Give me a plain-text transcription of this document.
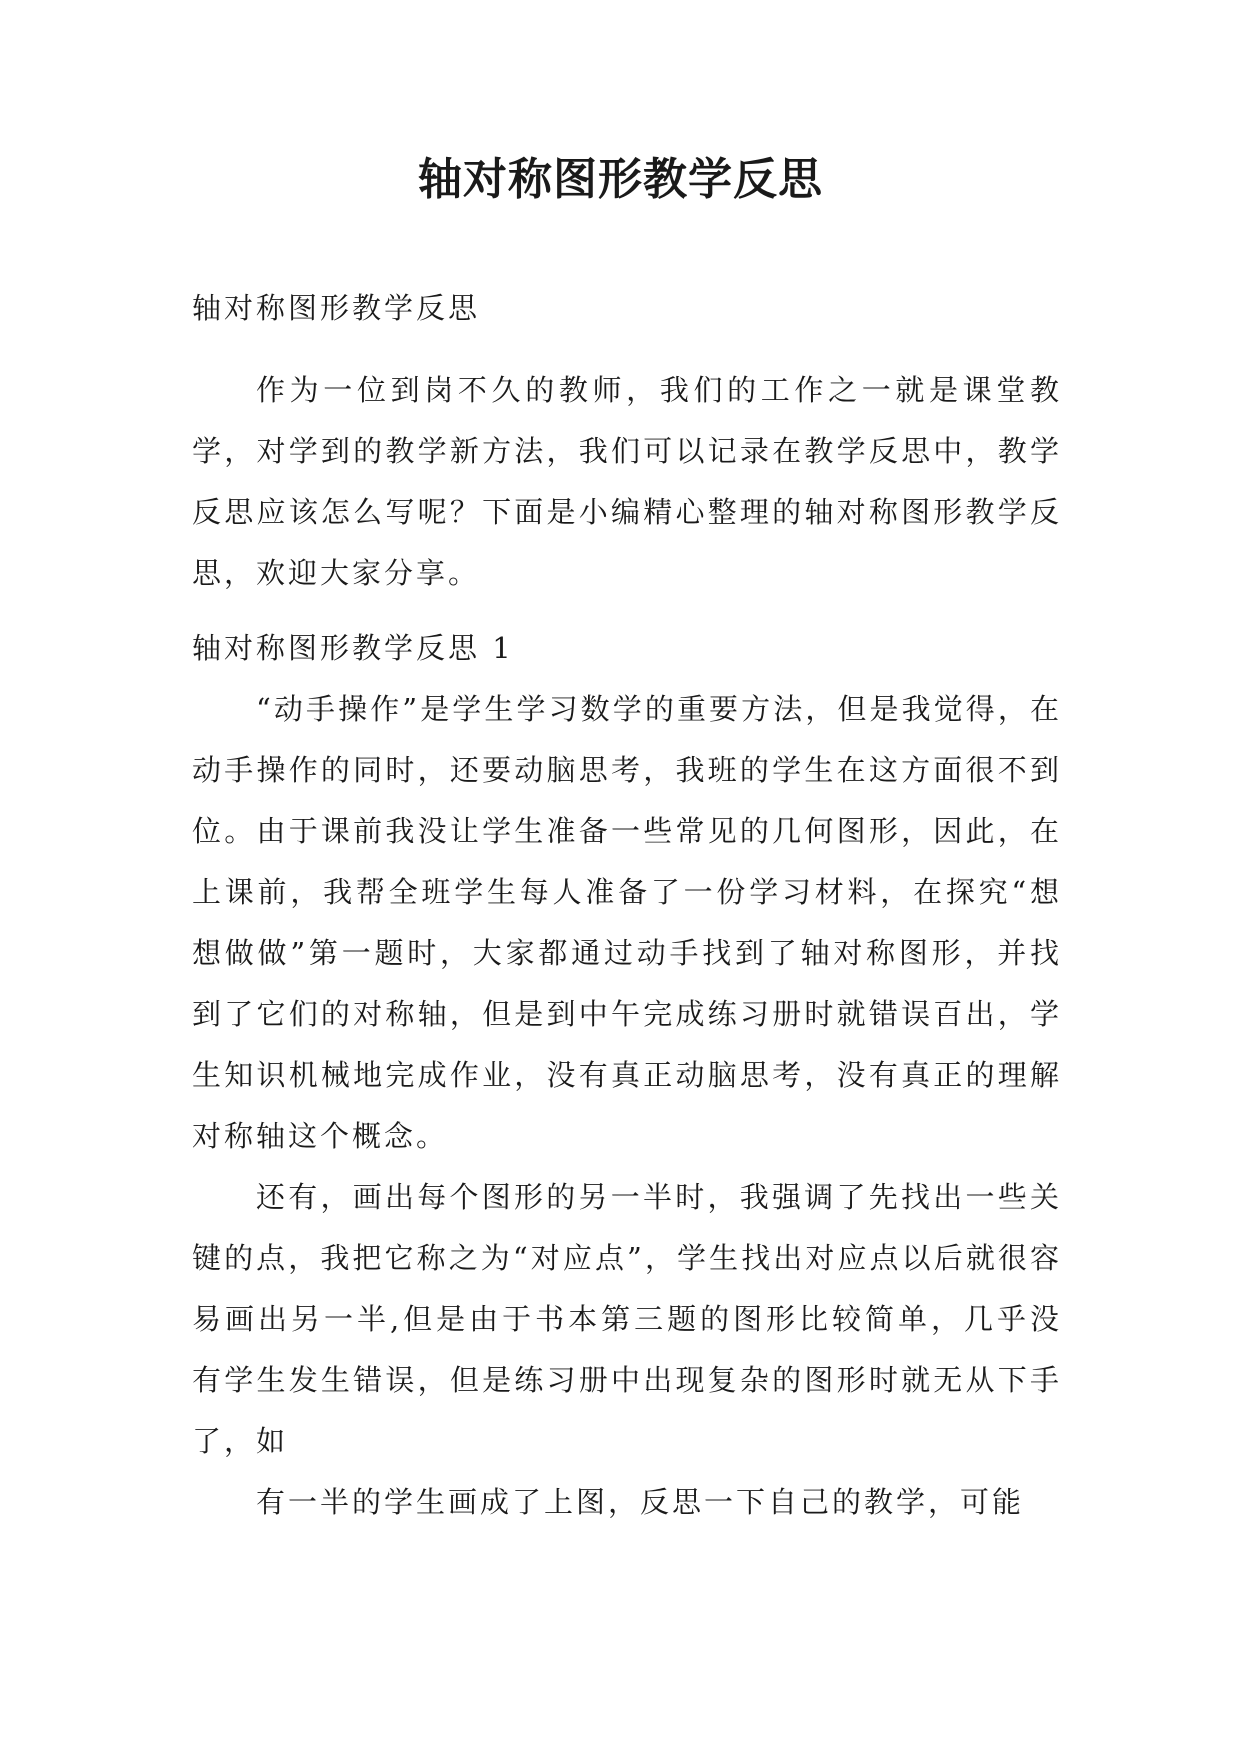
轴对称图形教学反思

轴对称图形教学反思

作为一位到岗不久的教师，我们的工作之一就是课堂教学，对学到的教学新方法，我们可以记录在教学反思中，教学反思应该怎么写呢？下面是小编精心整理的轴对称图形教学反思，欢迎大家分享。

轴对称图形教学反思 1

“动手操作”是学生学习数学的重要方法，但是我觉得，在动手操作的同时，还要动脑思考，我班的学生在这方面很不到位。由于课前我没让学生准备一些常见的几何图形，因此，在上课前，我帮全班学生每人准备了一份学习材料，在探究“想想做做”第一题时，大家都通过动手找到了轴对称图形，并找到了它们的对称轴，但是到中午完成练习册时就错误百出，学生知识机械地完成作业，没有真正动脑思考，没有真正的理解对称轴这个概念。

还有，画出每个图形的另一半时，我强调了先找出一些关键的点，我把它称之为“对应点”，学生找出对应点以后就很容易画出另一半,但是由于书本第三题的图形比较简单，几乎没有学生发生错误，但是练习册中出现复杂的图形时就无从下手了，如

有一半的学生画成了上图，反思一下自己的教学，可能
